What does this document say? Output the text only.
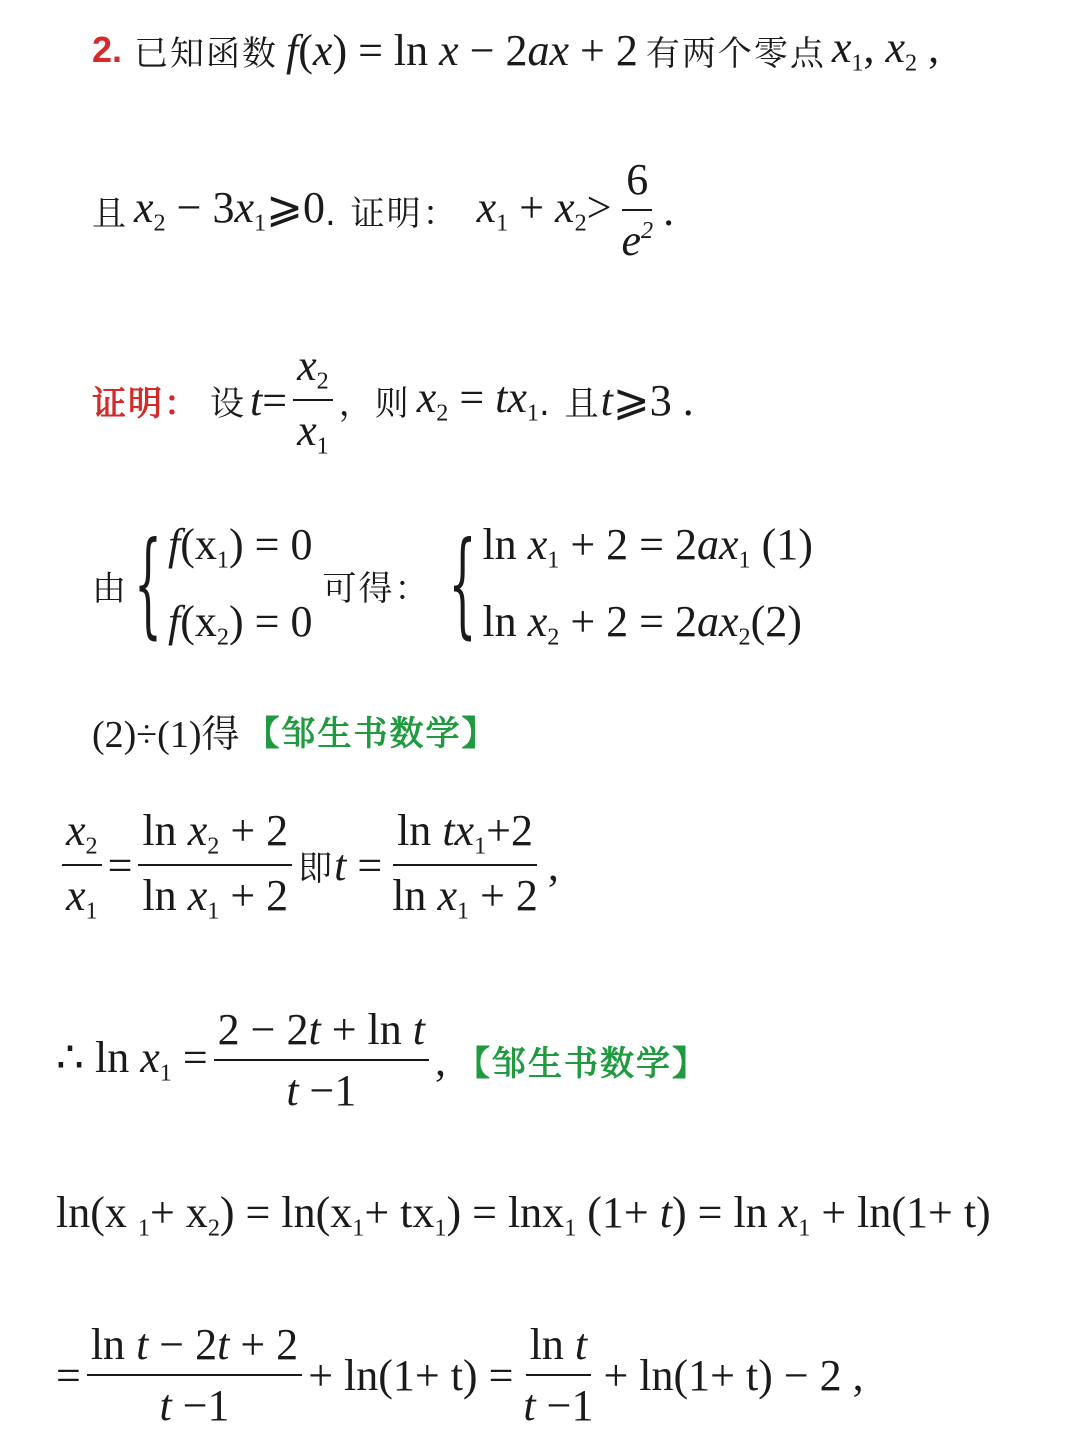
2. 已知函数 f(x) = ln x − 2ax + 2 有两个零点 $x_1$, $x_2$ ,
且 $x_2$ − $3x_1⩾0$ . 证明： $x_1 + x_2> \frac{6}{e^2}$ .
证明： 设 $t = \frac{x_2}{x_1}$ ，则 $x_2 = tx_1$ . 且 t⩾3 .
由 { $f(x_1) = 0$
$f(x_2) = 0$
可得： { $\ln x_1 + 2 = 2ax_1$ (1)
$\ln x_2 + 2 = 2ax_2(2)$
(2)÷(1)得 【邹生书数学】
$\frac{x_2}{x_1} = \frac{\ln x_2 + 2}{\ln x_1 + 2}$ 即 $t = \frac{\ln tx_1+2}{\ln x_1 + 2}$ ,
∴ $\ln x_1 = \frac{\text{2 − 2t + ln t}}{t -1}$ , 【邹生书数学】
ln(x $_1+ x_2) = \ln(x_1+ tx_1) = \ln x_1$ $(1+ t) = \ln x_1 + \ln(1+ t)$
= $\frac{\text{ln t − 2t + 2}}{t -1} + \ln(1+ t) = \frac{\text{ln t}}{t -1} + \ln(1+ t) - 2$ ,
